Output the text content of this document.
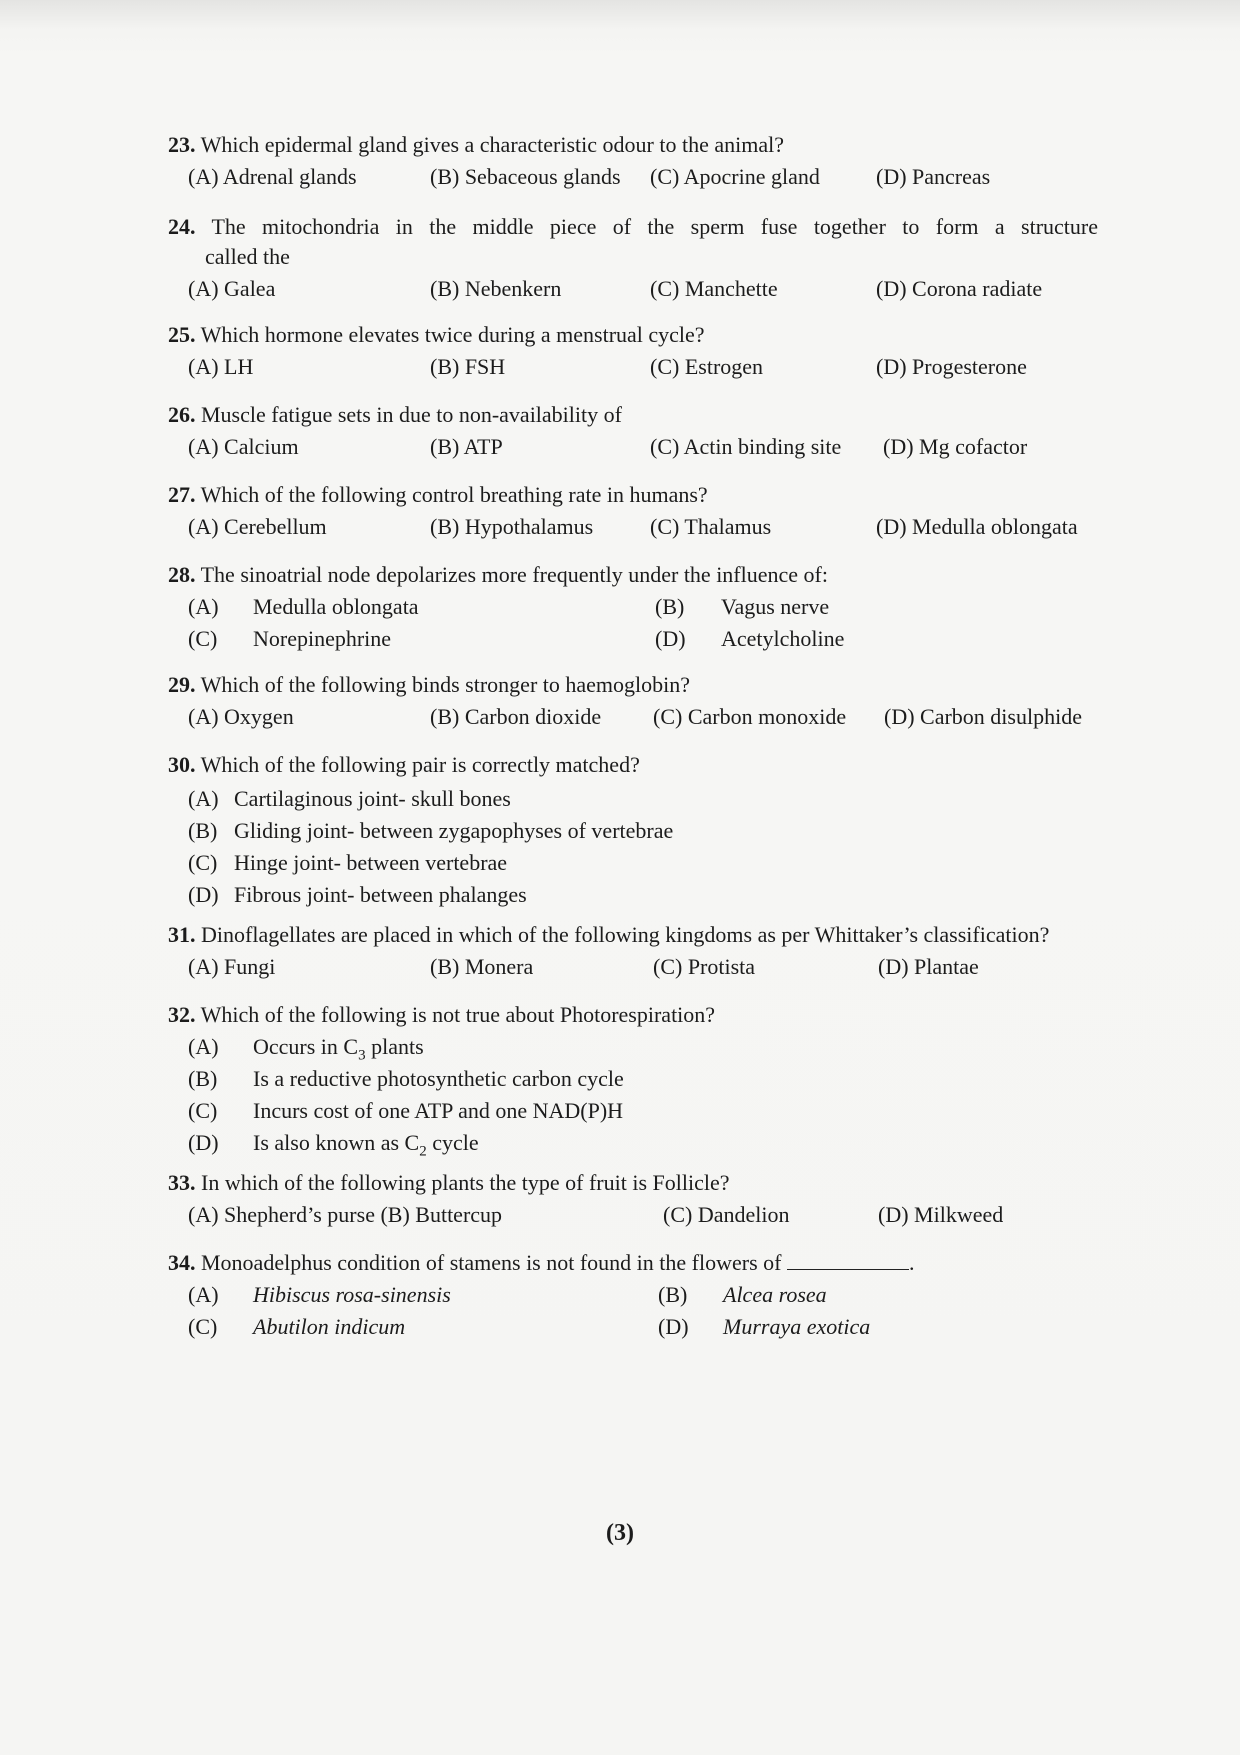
23. Which epidermal gland gives a characteristic odour to the animal?
(A) Adrenal glands	(B) Sebaceous glands (C) Apocrine gland	(D) Pancreas
24. The mitochondria in the middle piece of the sperm fuse together to form a structure
called the
(A) Galea	(B) Nebenkern	(C) Manchette	(D) Corona radiate
25. Which hormone elevates twice during a menstrual cycle?
(A) LH	(B) FSH	(C) Estrogen	(D) Progesterone
26. Muscle fatigue sets in due to non-availability of
(A) Calcium	(B) ATP	(C) Actin binding site (D) Mg cofactor
27. Which of the following control breathing rate in humans?
(A) Cerebellum	(B) Hypothalamus	(C) Thalamus	(D) Medulla oblongata
28. The sinoatrial node depolarizes more frequently under the influence of:
(A) Medulla oblongata	(B) Vagus nerve
(C) Norepinephrine	(D) Acetylcholine
29. Which of the following binds stronger to haemoglobin?
(A) Oxygen	(B) Carbon dioxide (C) Carbon monoxide (D) Carbon disulphide
30. Which of the following pair is correctly matched?
(A) Cartilaginous joint- skull bones
(B) Gliding joint- between zygapophyses of vertebrae
(C) Hinge joint- between vertebrae
(D) Fibrous joint- between phalanges
31. Dinoflagellates are placed in which of the following kingdoms as per Whittaker’s classification?
(A) Fungi	(B) Monera	(C) Protista	(D) Plantae
32. Which of the following is not true about Photorespiration?
(A) Occurs in $C_3$ plants
(B) Is a reductive photosynthetic carbon cycle
(C) Incurs cost of one ATP and one NAD(P)H
(D) Is also known as $C_2$ cycle
33. In which of the following plants the type of fruit is Follicle?
(A) Shepherd’s purse (B) Buttercup	(C) Dandelion	(D) Milkweed
34. Monoadelphus condition of stamens is not found in the flowers of	.
(A) Hibiscus rosa-sinensis	(B) Alcea rosea
(C) Abutilon indicum	(D) Murraya exotica
(3)
